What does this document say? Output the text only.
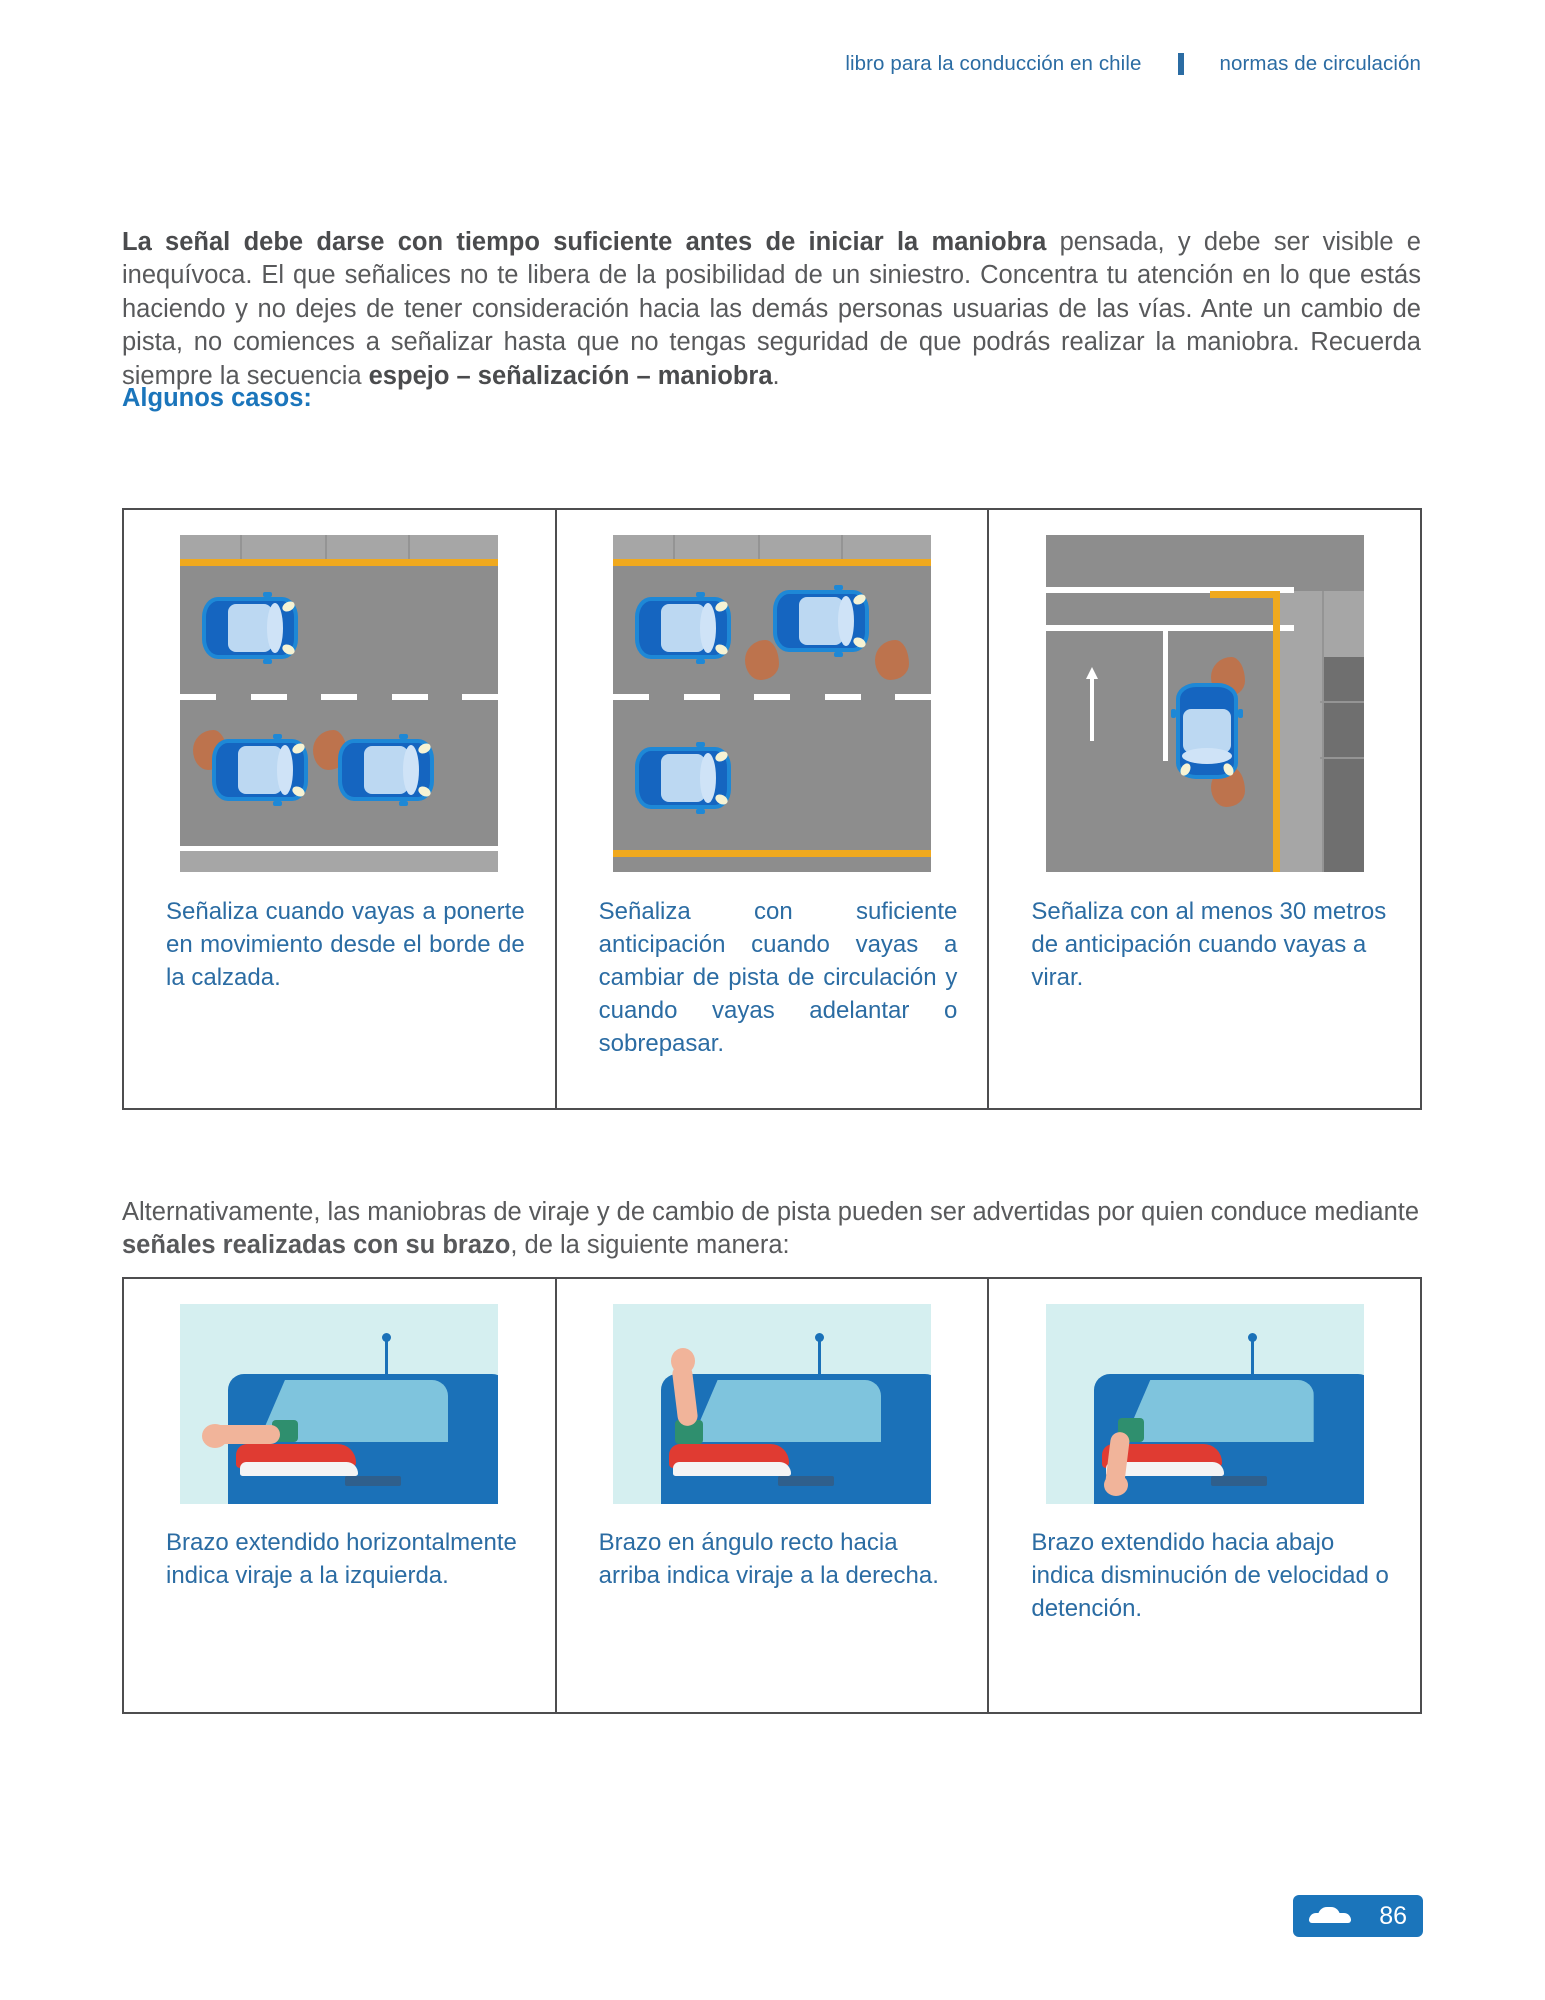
libro para la conducción en chile	normas de circulación

La señal debe darse con tiempo suficiente antes de iniciar la maniobra pensada, y debe ser visible e inequívoca. El que señalices no te libera de la posibilidad de un siniestro. Concentra tu atención en lo que estás haciendo y no dejes de tener consideración hacia las demás personas usuarias de las vías. Ante un cambio de pista, no comiences a señalizar hasta que no tengas seguridad de que podrás realizar la maniobra. Recuerda siempre la secuencia espejo – señalización – maniobra.

Algunos casos:

Alternativamente, las maniobras de viraje y de cambio de pista pueden ser advertidas por quien conduce mediante señales realizadas con su brazo, de la siguiente manera:

Señaliza cuando vayas a ponerte en movimiento desde el borde de la calzada.
Señaliza con suficiente anticipación cuando vayas a cambiar de pista de circulación y cuando vayas adelantar o sobrepasar.
Señaliza con al menos 30 metros de anticipación cuando vayas a virar.
Brazo extendido horizontalmente indica viraje a la izquierda.
Brazo en ángulo recto hacia arriba indica viraje a la derecha.
Brazo extendido hacia abajo indica disminución de velocidad o detención.
86
